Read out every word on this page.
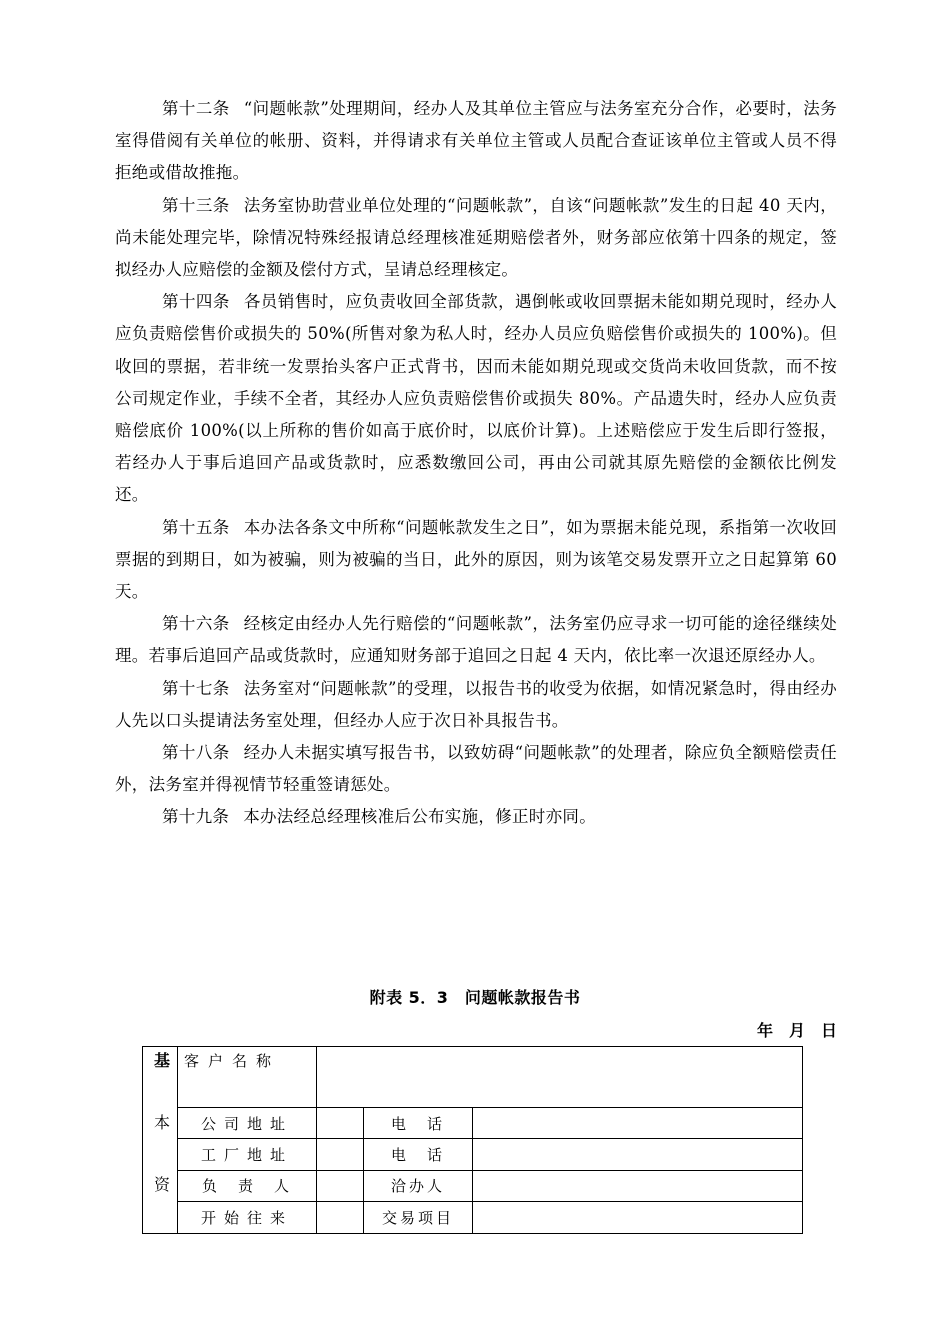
第十二条 “问题帐款”处理期间，经办人及其单位主管应与法务室充分合作，必要时，法务室得借阅有关单位的帐册、资料，并得请求有关单位主管或人员配合查证该单位主管或人员不得拒绝或借故推拖。

第十三条 法务室协助营业单位处理的“问题帐款”，自该“问题帐款”发生的日起 40 天内，尚未能处理完毕，除情况特殊经报请总经理核准延期赔偿者外，财务部应依第十四条的规定，签拟经办人应赔偿的金额及偿付方式，呈请总经理核定。

第十四条 各员销售时，应负责收回全部货款，遇倒帐或收回票据未能如期兑现时，经办人应负责赔偿售价或损失的 50%(所售对象为私人时，经办人员应负赔偿售价或损失的 100%)。但收回的票据，若非统一发票抬头客户正式背书，因而未能如期兑现或交货尚未收回货款，而不按公司规定作业，手续不全者，其经办人应负责赔偿售价或损失 80%。产品遗失时，经办人应负责赔偿底价 100%(以上所称的售价如高于底价时，以底价计算)。上述赔偿应于发生后即行签报，若经办人于事后追回产品或货款时，应悉数缴回公司，再由公司就其原先赔偿的金额依比例发还。

第十五条 本办法各条文中所称“问题帐款发生之日”，如为票据未能兑现，系指第一次收回票据的到期日，如为被骗，则为被骗的当日，此外的原因，则为该笔交易发票开立之日起算第 60 天。

第十六条 经核定由经办人先行赔偿的“问题帐款”，法务室仍应寻求一切可能的途径继续处理。若事后追回产品或货款时，应通知财务部于追回之日起 4 天内，依比率一次退还原经办人。

第十七条 法务室对“问题帐款”的受理，以报告书的收受为依据，如情况紧急时，得由经办人先以口头提请法务室处理，但经办人应于次日补具报告书。

第十八条 经办人未据实填写报告书，以致妨碍“问题帐款”的处理者，除应负全额赔偿责任外，法务室并得视情节轻重签请惩处。

第十九条 本办法经总经理核准后公布实施，修正时亦同。

附表 5．3　问题帐款报告书
年　月　日
基
本
资	客户名称			
	公司地址		电　话	
	工厂地址		电　话	
	负　责　人		洽办人	
	开始往来		交易项目	
